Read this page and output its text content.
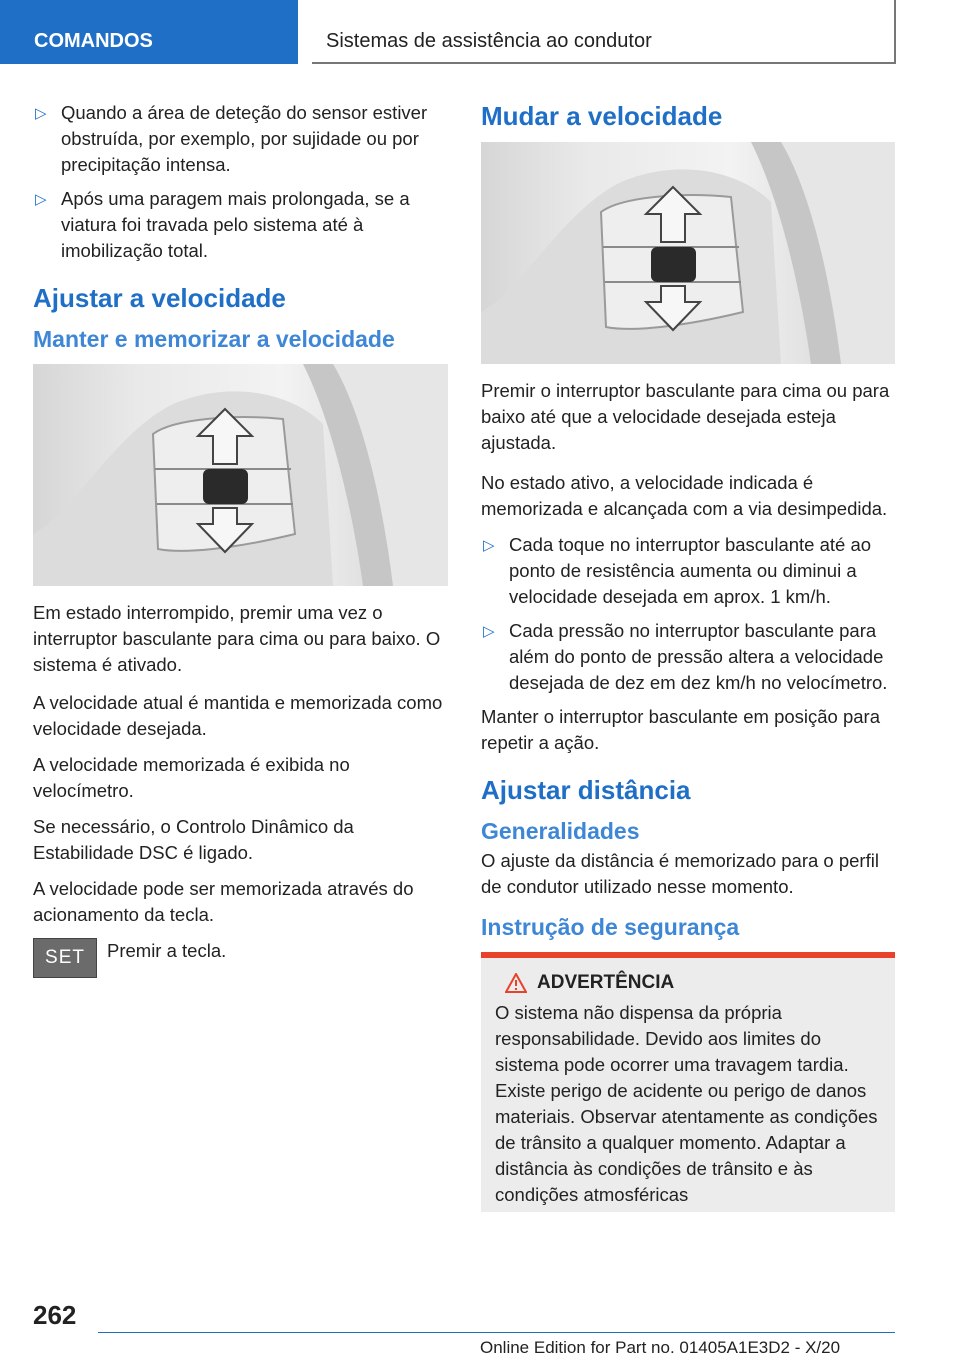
COMANDOS	Sistemas de assistência ao condutor
▷ Quando a área de deteção do sensor estiver obstruída, por exemplo, por sujidade ou por precipitação intensa.
▷ Após uma paragem mais prolongada, se a viatura foi travada pelo sistema até à imobilização total.
Ajustar a velocidade
Manter e memorizar a velocidade

Em estado interrompido, premir uma vez o interruptor basculante para cima ou para baixo. O sistema é ativado.

A velocidade atual é mantida e memorizada como velocidade desejada.

A velocidade memorizada é exibida no velocímetro.

Se necessário, o Controlo Dinâmico da Estabilidade DSC é ligado.

A velocidade pode ser memorizada através do acionamento da tecla.

SET	Premir a tecla.
Mudar a velocidade

Premir o interruptor basculante para cima ou para baixo até que a velocidade desejada esteja ajustada.

No estado ativo, a velocidade indicada é memorizada e alcançada com a via desimpedida.

▷ Cada toque no interruptor basculante até ao ponto de resistência aumenta ou diminui a velocidade desejada em aprox. 1 km/h.
▷ Cada pressão no interruptor basculante para além do ponto de pressão altera a velocidade desejada de dez em dez km/h no velocímetro.

Manter o interruptor basculante em posição para repetir a ação.

Ajustar distância
Generalidades

O ajuste da distância é memorizado para o perfil de condutor utilizado nesse momento.

Instrução de segurança
ADVERTÊNCIA

O sistema não dispensa da própria responsabilidade. Devido aos limites do sistema pode ocorrer uma travagem tardia. Existe perigo de acidente ou perigo de danos materiais. Observar atentamente as condições de trânsito a qualquer momento. Adaptar a distância às condições de trânsito e às condições atmosféricas

262
Online Edition for Part no. 01405A1E3D2 - X/20
